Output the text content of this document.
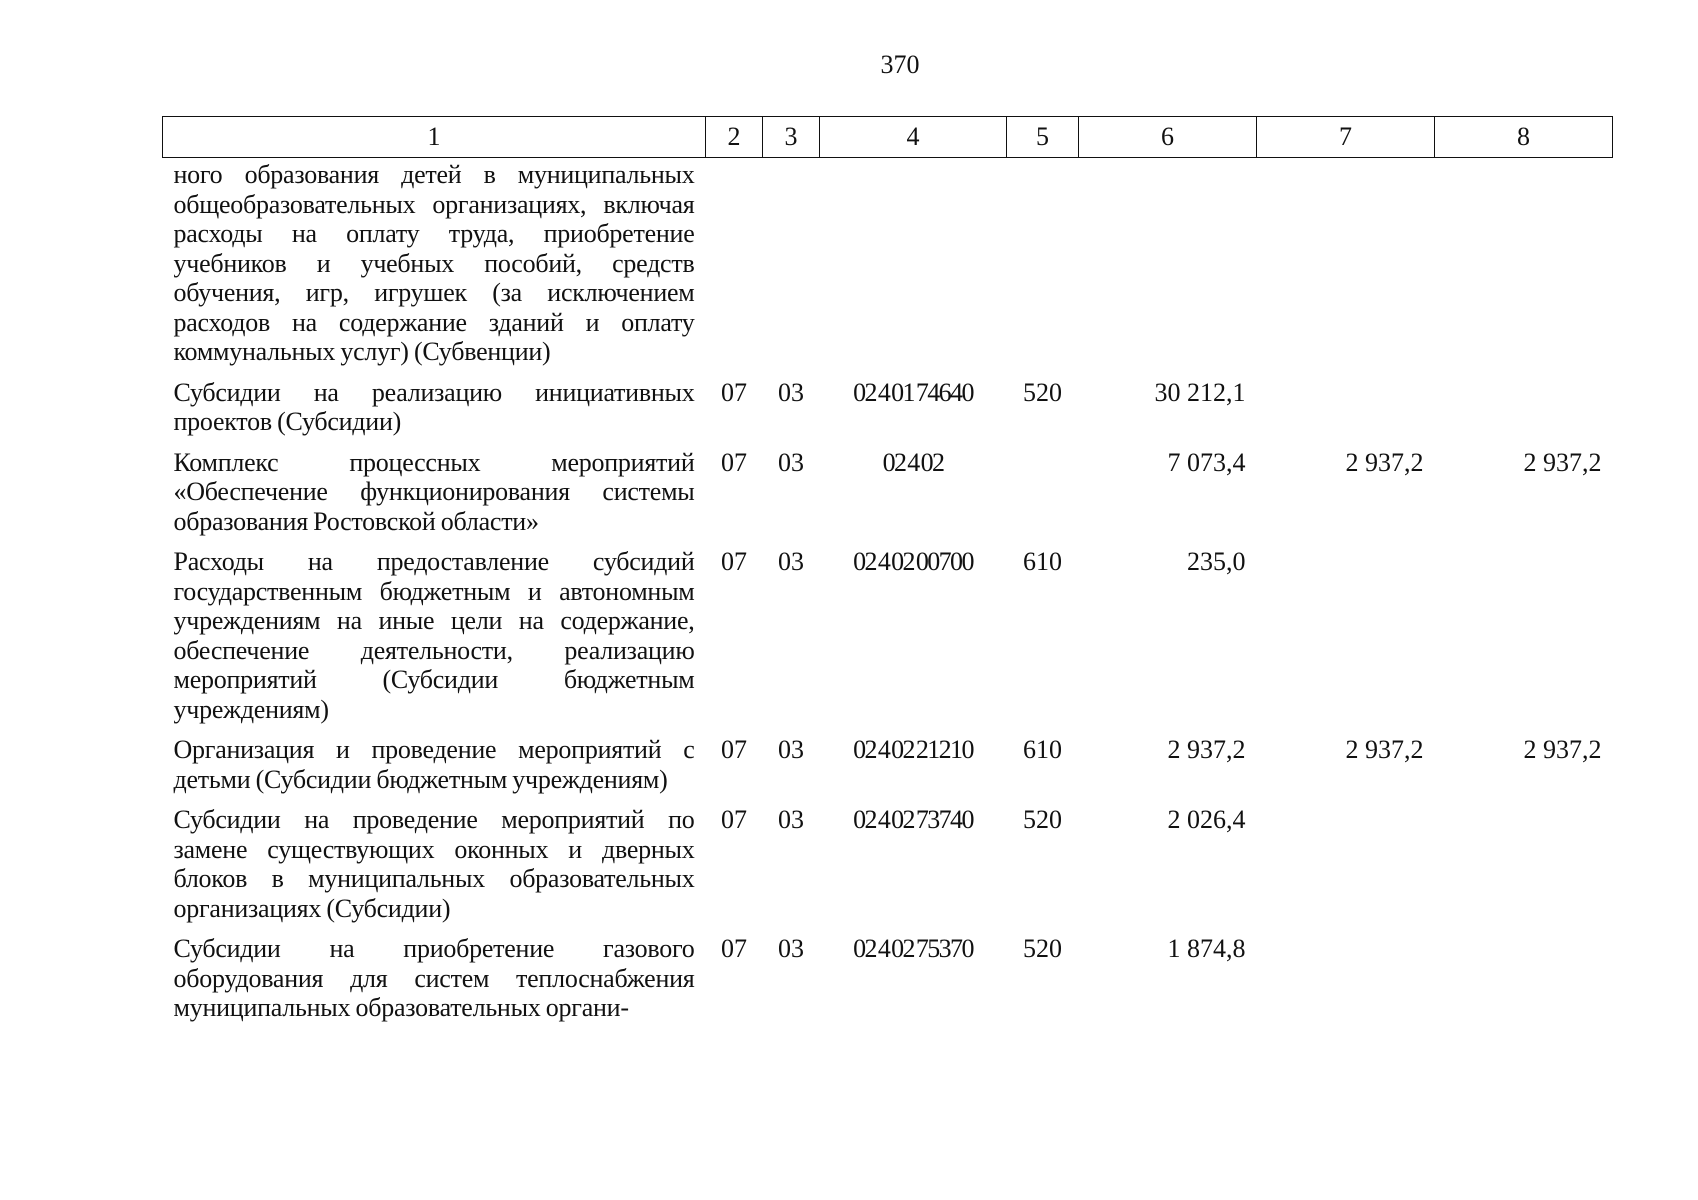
370
1	2	3	4	5	6	7	8
ного образования детей в муниципальных общеобразовательных организациях, включая расходы на оплату труда, приобретение учебников и учебных пособий, средств обучения, игр, игрушек (за исключением расходов на содержание зданий и оплату коммунальных услуг) (Субвенции)							
Субсидии на реализацию инициативных проектов (Субсидии)	07	03	02 4 01 74640	520	30 212,1		
Комплекс процессных мероприятий «Обеспечение функционирования системы образования Ростовской области»	07	03	02 4 02		7 073,4	2 937,2	2 937,2
Расходы на предоставление субсидий государственным бюджетным и автономным учреждениям на иные цели на содержание, обеспечение деятельности, реализацию мероприятий (Субсидии бюджетным учреждениям)	07	03	02 4 02 00700	610	235,0		
Организация и проведение мероприятий с детьми (Субсидии бюджетным учреждениям)	07	03	02 4 02 21210	610	2 937,2	2 937,2	2 937,2
Субсидии на проведение мероприятий по замене существующих оконных и дверных блоков в муниципальных образовательных организациях (Субсидии)	07	03	02 4 02 73740	520	2 026,4		
Субсидии на приобретение газового оборудования для систем теплоснабжения муниципальных образовательных органи-	07	03	02 4 02 75370	520	1 874,8		
